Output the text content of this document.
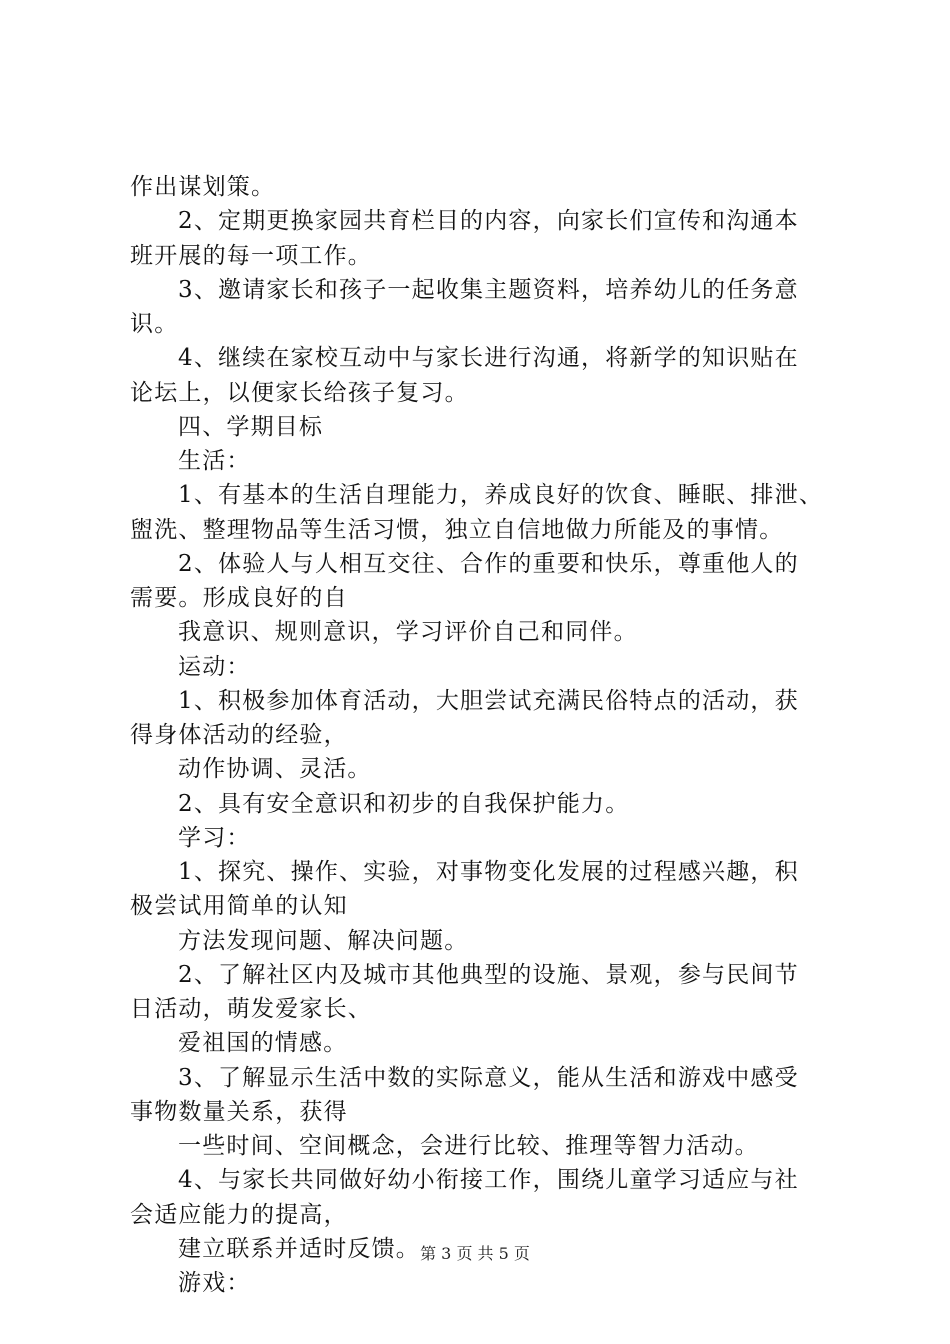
作出谋划策。
2、定期更换家园共育栏目的内容，向家长们宣传和沟通本
班开展的每一项工作。
3、邀请家长和孩子一起收集主题资料，培养幼儿的任务意
识。
4、继续在家校互动中与家长进行沟通，将新学的知识贴在
论坛上，以便家长给孩子复习。
四、学期目标
生活：
1、有基本的生活自理能力，养成良好的饮食、睡眠、排泄、
盥洗、整理物品等生活习惯，独立自信地做力所能及的事情。
2、体验人与人相互交往、合作的重要和快乐，尊重他人的
需要。形成良好的自
我意识、规则意识，学习评价自己和同伴。
运动：
1、积极参加体育活动，大胆尝试充满民俗特点的活动，获
得身体活动的经验，
动作协调、灵活。
2、具有安全意识和初步的自我保护能力。
学习：
1、探究、操作、实验，对事物变化发展的过程感兴趣，积
极尝试用简单的认知
方法发现问题、解决问题。
2、了解社区内及城市其他典型的设施、景观，参与民间节
日活动，萌发爱家长、
爱祖国的情感。
3、了解显示生活中数的实际意义，能从生活和游戏中感受
事物数量关系，获得
一些时间、空间概念，会进行比较、推理等智力活动。
4、与家长共同做好幼小衔接工作，围绕儿童学习适应与社
会适应能力的提高，
建立联系并适时反馈。
游戏：
第 3 页 共 5 页
